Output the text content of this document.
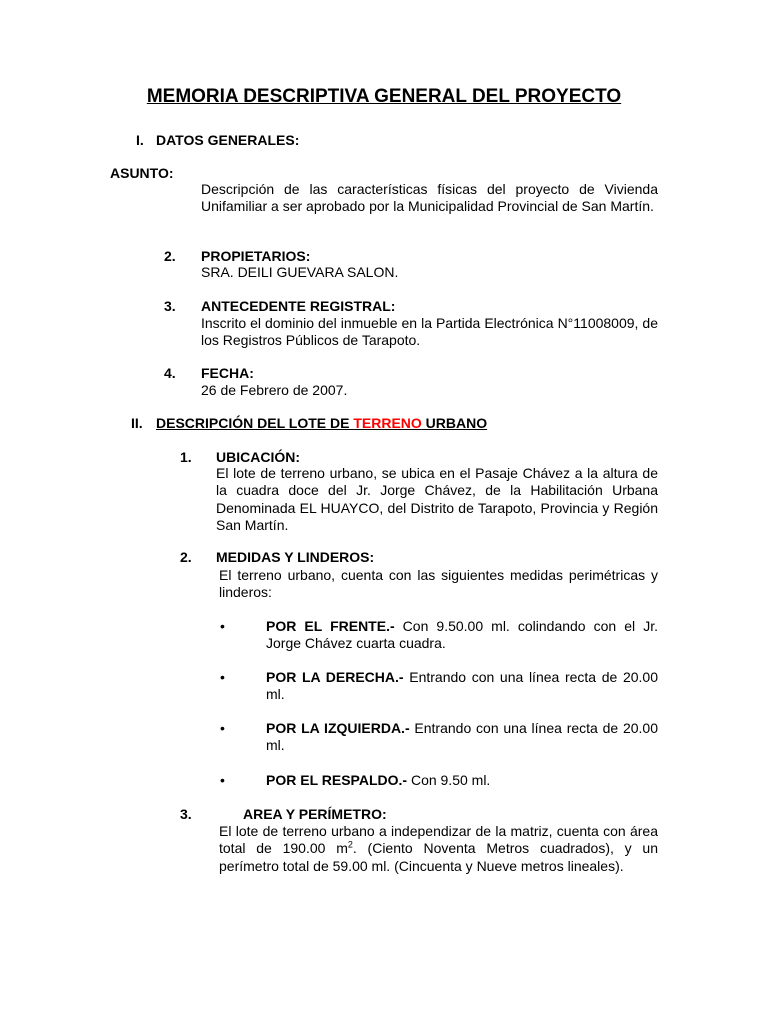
MEMORIA DESCRIPTIVA GENERAL DEL PROYECTO
I. DATOS GENERALES:
ASUNTO:
Descripción de las características físicas del proyecto de Vivienda Unifamiliar a ser aprobado por la Municipalidad Provincial de San Martín.
2. PROPIETARIOS:
SRA. DEILI GUEVARA SALON.
3. ANTECEDENTE REGISTRAL:
Inscrito el dominio del inmueble en la Partida Electrónica N°11008009, de los Registros Públicos de Tarapoto.
4. FECHA:
26 de Febrero de 2007.
II. DESCRIPCIÓN DEL LOTE DE TERRENO URBANO
1. UBICACIÓN:
El lote de terreno urbano, se ubica en el Pasaje Chávez a la altura de la cuadra doce del Jr. Jorge Chávez, de la Habilitación Urbana Denominada EL HUAYCO, del Distrito de Tarapoto, Provincia y Región San Martín.
2. MEDIDAS Y LINDEROS:
El terreno urbano, cuenta con las siguientes medidas perimétricas y linderos:
•	POR EL FRENTE.- Con 9.50.00 ml. colindando con el Jr. Jorge Chávez cuarta cuadra.
•	POR LA DERECHA.- Entrando con una línea recta de 20.00 ml.
•	POR LA IZQUIERDA.- Entrando con una línea recta de 20.00 ml.
•	POR EL RESPALDO.- Con 9.50 ml.
3.	AREA Y PERÍMETRO:
El lote de terreno urbano a independizar de la matriz, cuenta con área total de 190.00 $m^2$. (Ciento Noventa Metros cuadrados), y un perímetro total de 59.00 ml. (Cincuenta y Nueve metros lineales).
